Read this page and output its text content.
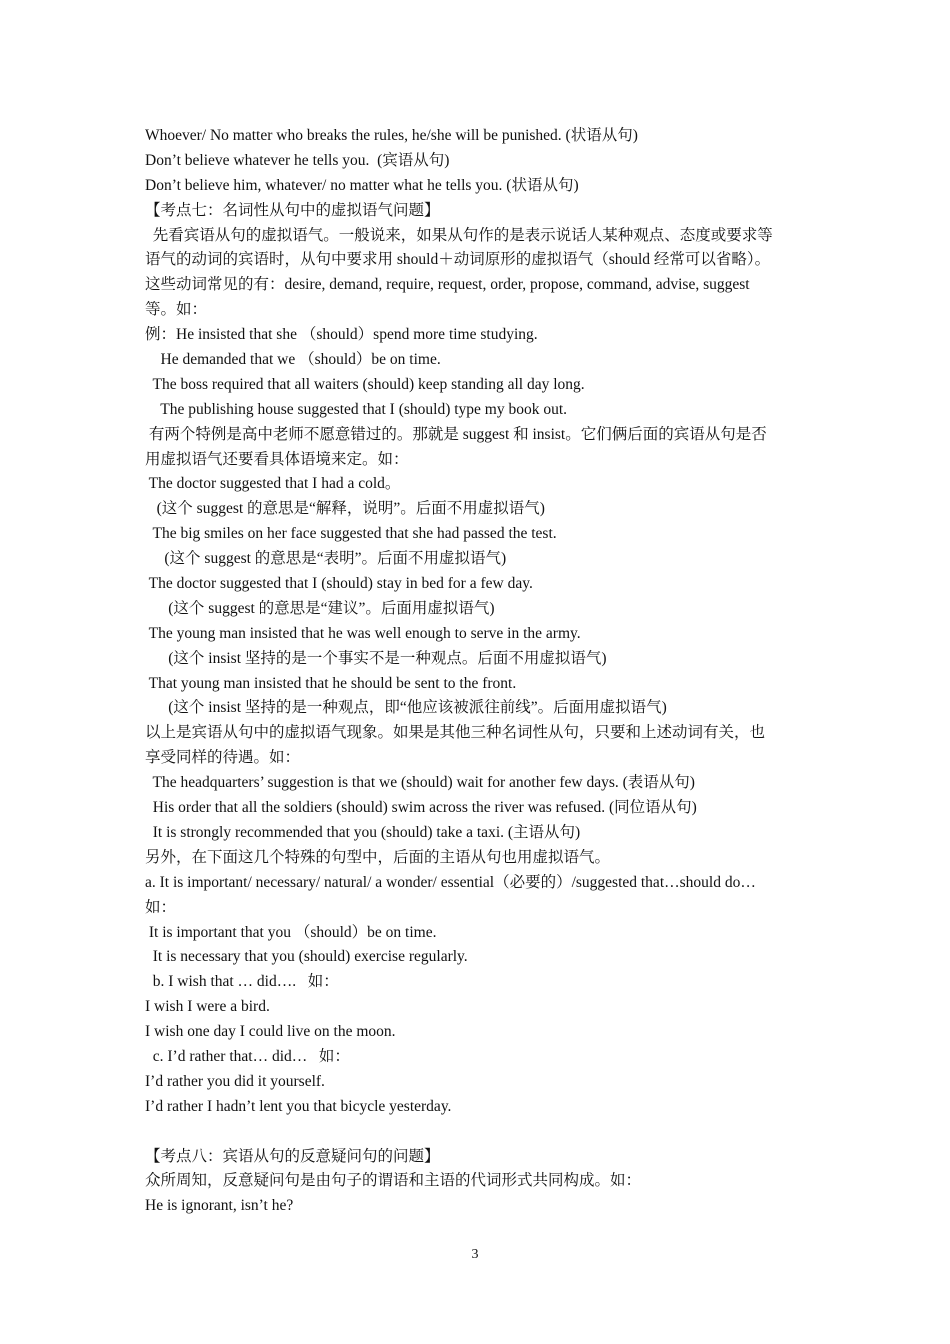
Whoever/ No matter who breaks the rules, he/she will be punished. (状语从句)
Don’t believe whatever he tells you.  (宾语从句)
Don’t believe him, whatever/ no matter what he tells you. (状语从句)
【考点七：名词性从句中的虚拟语气问题】
先看宾语从句的虚拟语气。一般说来，如果从句作的是表示说话人某种观点、态度或要求等
语气的动词的宾语时，从句中要求用 should＋动词原形的虚拟语气（should 经常可以省略）。
这些动词常见的有：desire, demand, require, request, order, propose, command, advise, suggest
等。如：
例：He insisted that she （should）spend more time studying.
He demanded that we （should）be on time.
The boss required that all waiters (should) keep standing all day long.
The publishing house suggested that I (should) type my book out.
有两个特例是高中老师不愿意错过的。那就是 suggest 和 insist。它们俩后面的宾语从句是否
用虚拟语气还要看具体语境来定。如：
The doctor suggested that I had a cold。
(这个 suggest 的意思是“解释，说明”。后面不用虚拟语气)
The big smiles on her face suggested that she had passed the test.
(这个 suggest 的意思是“表明”。后面不用虚拟语气)
The doctor suggested that I (should) stay in bed for a few day.
(这个 suggest 的意思是“建议”。后面用虚拟语气)
The young man insisted that he was well enough to serve in the army.
(这个 insist 坚持的是一个事实不是一种观点。后面不用虚拟语气)
That young man insisted that he should be sent to the front.
(这个 insist 坚持的是一种观点，即“他应该被派往前线”。后面用虚拟语气)
以上是宾语从句中的虚拟语气现象。如果是其他三种名词性从句，只要和上述动词有关，也
享受同样的待遇。如：
The headquarters’ suggestion is that we (should) wait for another few days. (表语从句)
His order that all the soldiers (should) swim across the river was refused. (同位语从句)
It is strongly recommended that you (should) take a taxi. (主语从句)
另外，在下面这几个特殊的句型中，后面的主语从句也用虚拟语气。
a. It is important/ necessary/ natural/ a wonder/ essential（必要的）/suggested that…should do…
如：
It is important that you （should）be on time.
It is necessary that you (should) exercise regularly.
b. I wish that … did….   如：
I wish I were a bird.
I wish one day I could live on the moon.
c. I’d rather that… did…   如：
I’d rather you did it yourself.
I’d rather I hadn’t lent you that bicycle yesterday.
【考点八：宾语从句的反意疑问句的问题】
众所周知，反意疑问句是由句子的谓语和主语的代词形式共同构成。如：
He is ignorant, isn’t he?
3
